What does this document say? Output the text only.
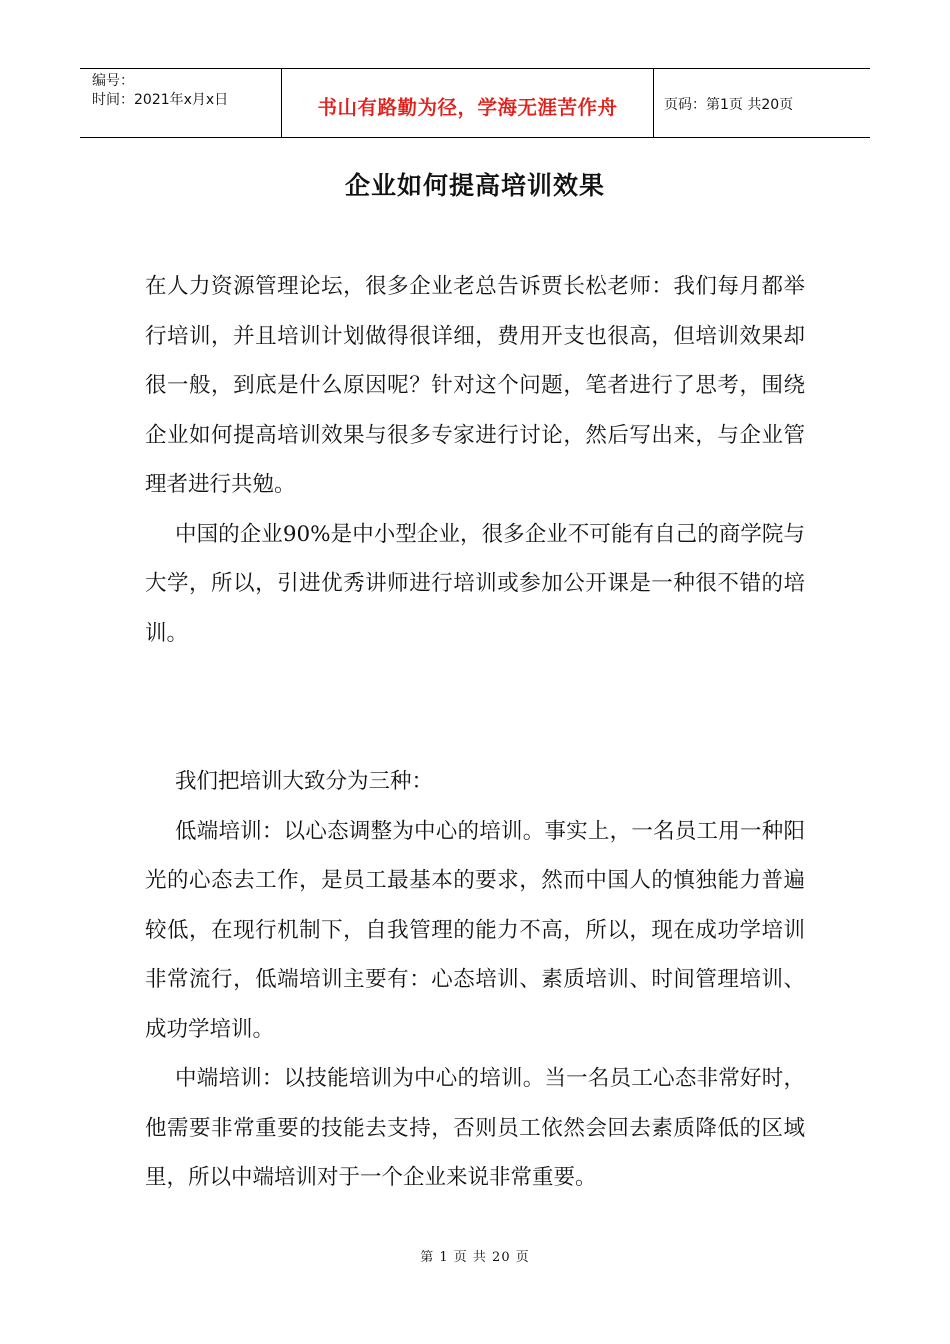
编号：
时间：2021年x月x日	书山有路勤为径，学海无涯苦作舟	页码：第1页 共20页
企业如何提高培训效果

在人力资源管理论坛，很多企业老总告诉贾长松老师：我们每月都举行培训，并且培训计划做得很详细，费用开支也很高，但培训效果却很一般，到底是什么原因呢？针对这个问题，笔者进行了思考，围绕企业如何提高培训效果与很多专家进行讨论，然后写出来，与企业管理者进行共勉。

中国的企业90%是中小型企业，很多企业不可能有自己的商学院与大学，所以，引进优秀讲师进行培训或参加公开课是一种很不错的培训。

我们把培训大致分为三种：

低端培训：以心态调整为中心的培训。事实上，一名员工用一种阳光的心态去工作，是员工最基本的要求，然而中国人的慎独能力普遍较低，在现行机制下，自我管理的能力不高，所以，现在成功学培训非常流行，低端培训主要有：心态培训、素质培训、时间管理培训、成功学培训。

中端培训：以技能培训为中心的培训。当一名员工心态非常好时，他需要非常重要的技能去支持，否则员工依然会回去素质降低的区域里，所以中端培训对于一个企业来说非常重要。

第 1 页 共 20 页
